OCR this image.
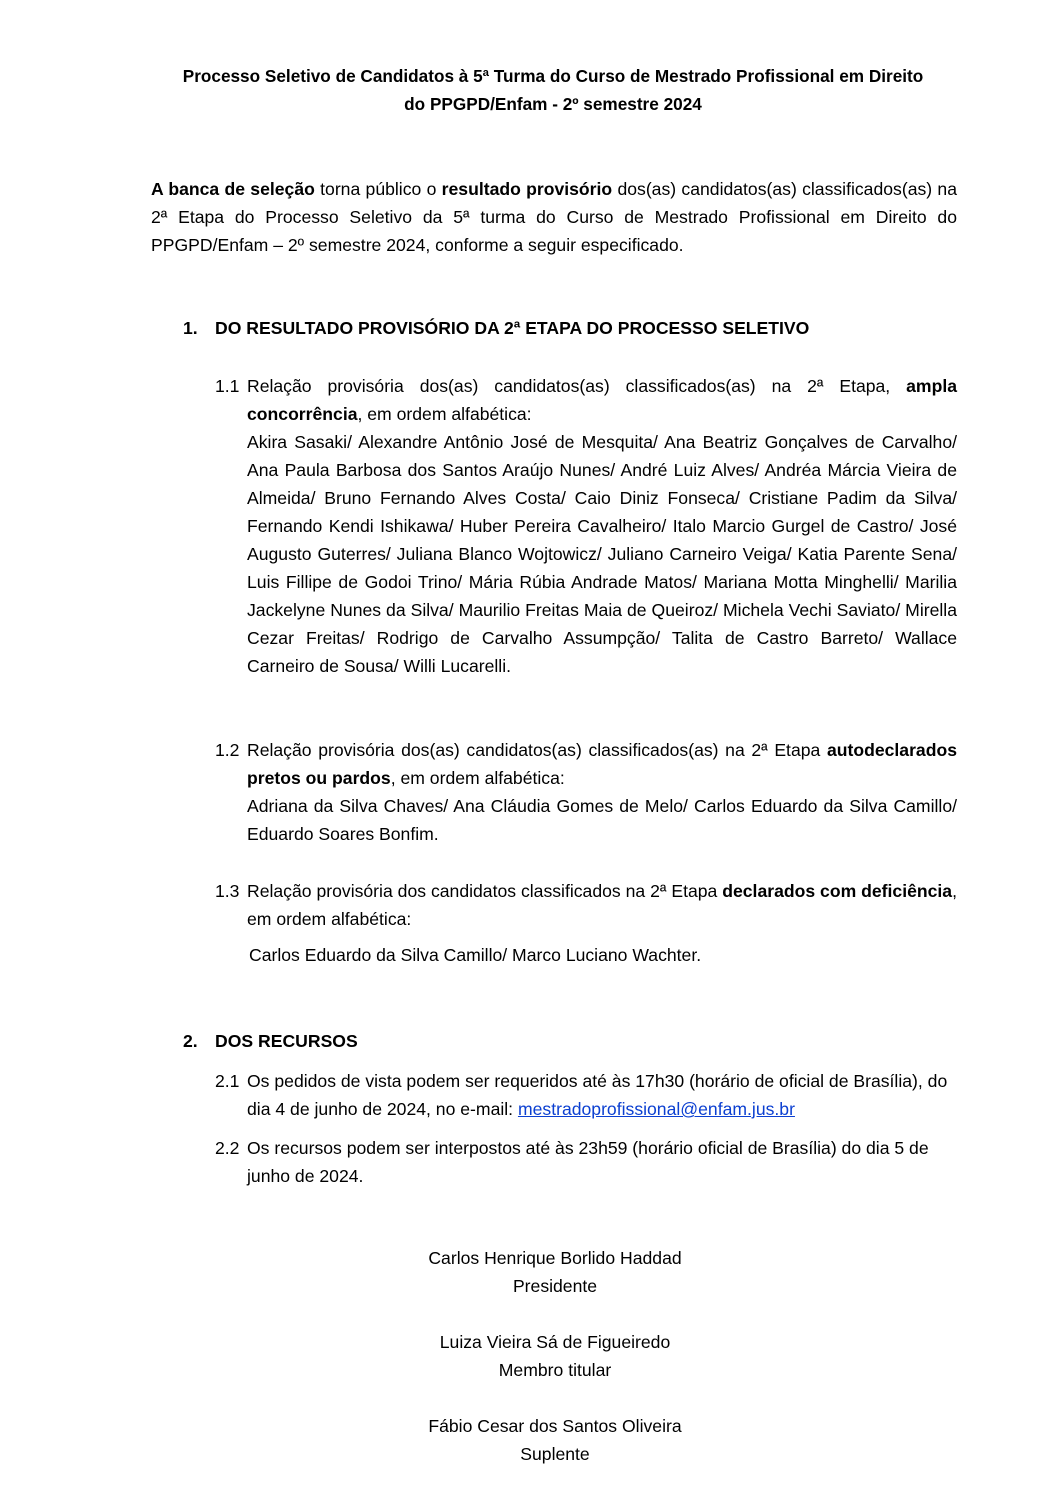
Processo Seletivo de Candidatos à 5ª Turma do Curso de Mestrado Profissional em Direito
do PPGPD/Enfam - 2º semestre 2024
A banca de seleção torna público o resultado provisório dos(as) candidatos(as) classificados(as) na 2ª Etapa do Processo Seletivo da 5ª turma do Curso de Mestrado Profissional em Direito do PPGPD/Enfam – 2º semestre 2024, conforme a seguir especificado.
1. DO RESULTADO PROVISÓRIO DA 2ª ETAPA DO PROCESSO SELETIVO
1.1 Relação provisória dos(as) candidatos(as) classificados(as) na 2ª Etapa, ampla concorrência, em ordem alfabética:
Akira Sasaki/ Alexandre Antônio José de Mesquita/ Ana Beatriz Gonçalves de Carvalho/ Ana Paula Barbosa dos Santos Araújo Nunes/ André Luiz Alves/ Andréa Márcia Vieira de Almeida/ Bruno Fernando Alves Costa/ Caio Diniz Fonseca/ Cristiane Padim da Silva/ Fernando Kendi Ishikawa/ Huber Pereira Cavalheiro/ Italo Marcio Gurgel de Castro/ José Augusto Guterres/ Juliana Blanco Wojtowicz/ Juliano Carneiro Veiga/ Katia Parente Sena/ Luis Fillipe de Godoi Trino/ Mária Rúbia Andrade Matos/ Mariana Motta Minghelli/ Marilia Jackelyne Nunes da Silva/ Maurilio Freitas Maia de Queiroz/ Michela Vechi Saviato/ Mirella Cezar Freitas/ Rodrigo de Carvalho Assumpção/ Talita de Castro Barreto/ Wallace Carneiro de Sousa/ Willi Lucarelli.
1.2 Relação provisória dos(as) candidatos(as) classificados(as) na 2ª Etapa autodeclarados pretos ou pardos, em ordem alfabética:
Adriana da Silva Chaves/ Ana Cláudia Gomes de Melo/ Carlos Eduardo da Silva Camillo/ Eduardo Soares Bonfim.
1.3 Relação provisória dos candidatos classificados na 2ª Etapa declarados com deficiência, em ordem alfabética:
Carlos Eduardo da Silva Camillo/ Marco Luciano Wachter.
2. DOS RECURSOS
2.1 Os pedidos de vista podem ser requeridos até às 17h30 (horário de oficial de Brasília), do dia 4 de junho de 2024, no e-mail: mestradoprofissional@enfam.jus.br
2.2 Os recursos podem ser interpostos até às 23h59 (horário oficial de Brasília) do dia 5 de junho de 2024.
Carlos Henrique Borlido Haddad
Presidente
Luiza Vieira Sá de Figueiredo
Membro titular
Fábio Cesar dos Santos Oliveira
Suplente
